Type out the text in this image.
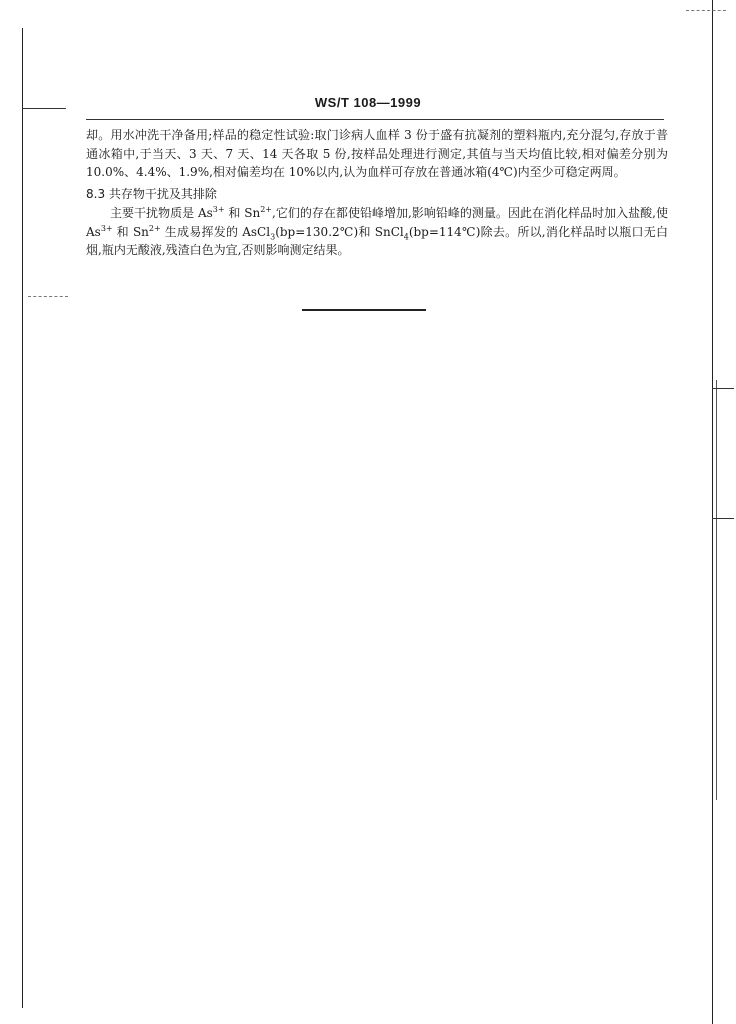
WS/T 108—1999

却。用水冲洗干净备用;样品的稳定性试验:取门诊病人血样 3 份于盛有抗凝剂的塑料瓶内,充分混匀,存放于普通冰箱中,于当天、3 天、7 天、14 天各取 5 份,按样品处理进行测定,其值与当天均值比较,相对偏差分别为 10.0%、4.4%、1.9%,相对偏差均在 10%以内,认为血样可存放在普通冰箱(4℃)内至少可稳定两周。

8.3 共存物干扰及其排除

主要干扰物质是 $As^{3+}$ 和 $Sn^{2+}$,它们的存在都使铅峰增加,影响铅峰的测量。因此在消化样品时加入盐酸,使 $As^{3+}$ 和 $Sn^{2+}$ 生成易挥发的 AsCl$_3$(bp=130.2℃)和 SnCl$_4$(bp=114℃)除去。所以,消化样品时以瓶口无白烟,瓶内无酸液,残渣白色为宜,否则影响测定结果。
